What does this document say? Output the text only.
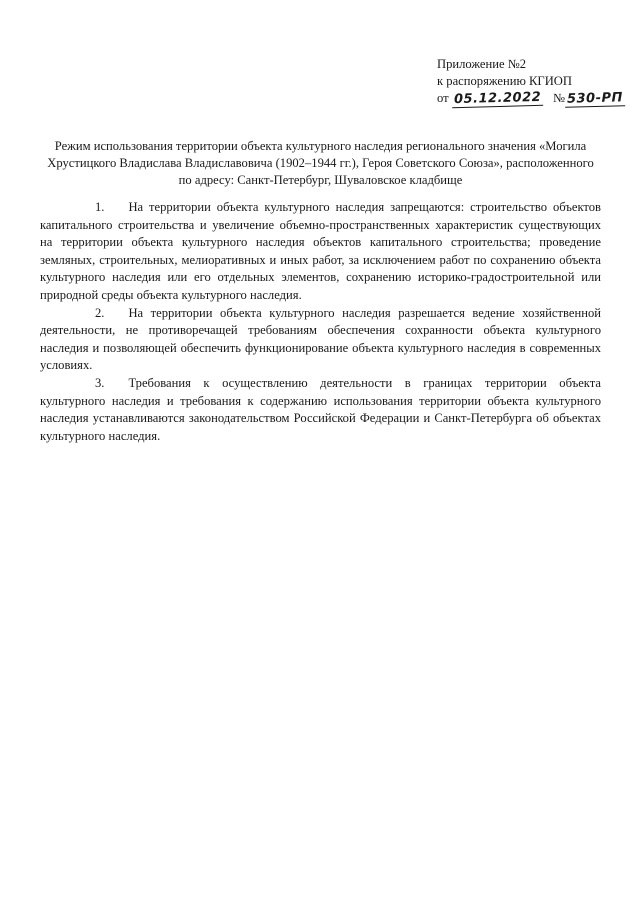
Приложение №2
к распоряжению КГИОП
от 05.12.2022 № 530-РП
Режим использования территории объекта культурного наследия регионального значения «Могила Хрустицкого Владислава Владиславовича (1902–1944 гг.), Героя Советского Союза», расположенного по адресу: Санкт-Петербург, Шуваловское кладбище

1. На территории объекта культурного наследия запрещаются: строительство объектов капитального строительства и увеличение объемно-пространственных характеристик существующих на территории объекта культурного наследия объектов капитального строительства; проведение земляных, строительных, мелиоративных и иных работ, за исключением работ по сохранению объекта культурного наследия или его отдельных элементов, сохранению историко-градостроительной или природной среды объекта культурного наследия.

2. На территории объекта культурного наследия разрешается ведение хозяйственной деятельности, не противоречащей требованиям обеспечения сохранности объекта культурного наследия и позволяющей обеспечить функционирование объекта культурного наследия в современных условиях.

3. Требования к осуществлению деятельности в границах территории объекта культурного наследия и требования к содержанию использования территории объекта культурного наследия устанавливаются законодательством Российской Федерации и Санкт-Петербурга об объектах культурного наследия.
